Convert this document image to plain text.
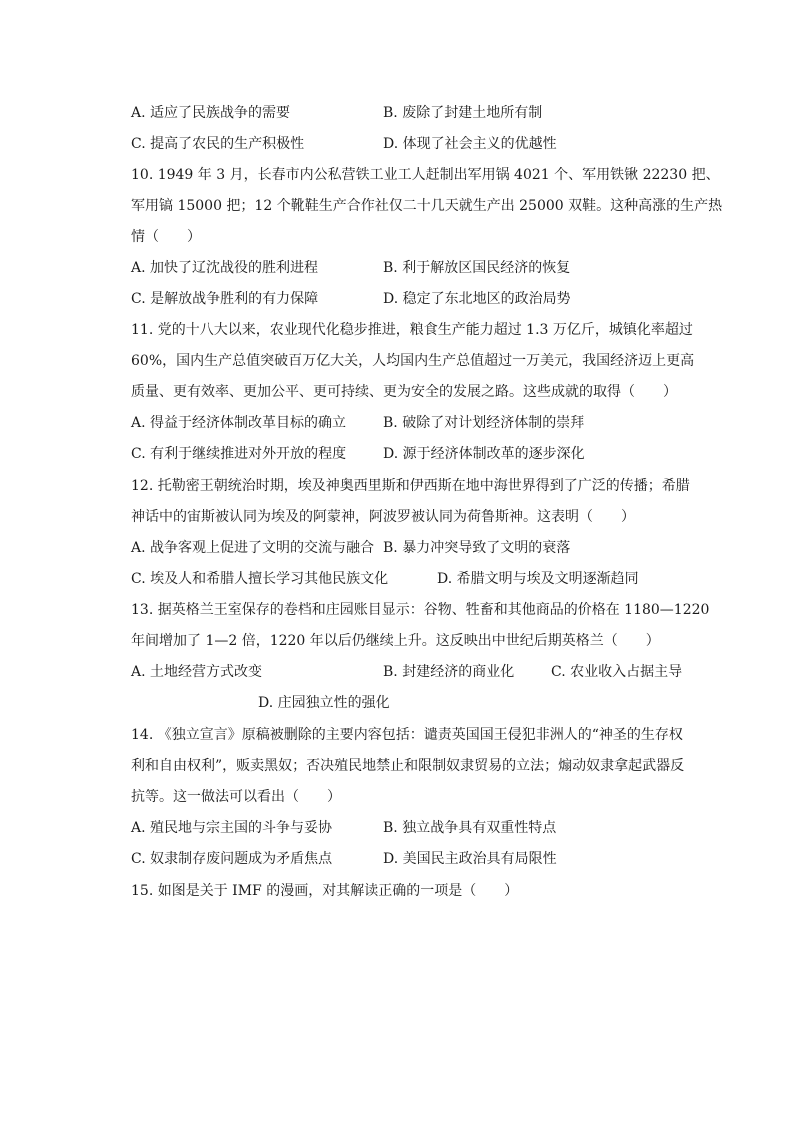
A. 适应了民族战争的需要	B. 废除了封建土地所有制
C. 提高了农民的生产积极性	D. 体现了社会主义的优越性
10. 1949 年 3 月，长春市内公私营铁工业工人赶制出军用锅 4021 个、军用铁锹 22230 把、
军用镐 15000 把；12 个靴鞋生产合作社仅二十几天就生产出 25000 双鞋。这种高涨的生产热
情（　　）
A. 加快了辽沈战役的胜利进程	B. 利于解放区国民经济的恢复
C. 是解放战争胜利的有力保障	D. 稳定了东北地区的政治局势
11. 党的十八大以来，农业现代化稳步推进，粮食生产能力超过 1.3 万亿斤，城镇化率超过
60%，国内生产总值突破百万亿大关，人均国内生产总值超过一万美元，我国经济迈上更高
质量、更有效率、更加公平、更可持续、更为安全的发展之路。这些成就的取得（　　）
A. 得益于经济体制改革目标的确立	B. 破除了对计划经济体制的崇拜
C. 有利于继续推进对外开放的程度	D. 源于经济体制改革的逐步深化
12. 托勒密王朝统治时期，埃及神奥西里斯和伊西斯在地中海世界得到了广泛的传播；希腊
神话中的宙斯被认同为埃及的阿蒙神，阿波罗被认同为荷鲁斯神。这表明（　　）
A. 战争客观上促进了文明的交流与融合 B. 暴力冲突导致了文明的衰落
C. 埃及人和希腊人擅长学习其他民族文化	D. 希腊文明与埃及文明逐渐趋同
13. 据英格兰王室保存的卷档和庄园账目显示：谷物、牲畜和其他商品的价格在 1180—1220
年间增加了 1—2 倍，1220 年以后仍继续上升。这反映出中世纪后期英格兰（　　）
A. 土地经营方式改变	B. 封建经济的商业化	C. 农业收入占据主导
D. 庄园独立性的强化
14. 《独立宣言》原稿被删除的主要内容包括：谴责英国国王侵犯非洲人的“神圣的生存权
利和自由权利”，贩卖黑奴；否决殖民地禁止和限制奴隶贸易的立法；煽动奴隶拿起武器反
抗等。这一做法可以看出（　　）
A. 殖民地与宗主国的斗争与妥协	B. 独立战争具有双重性特点
C. 奴隶制存废问题成为矛盾焦点	D. 美国民主政治具有局限性
15. 如图是关于 IMF 的漫画，对其解读正确的一项是（　　）
